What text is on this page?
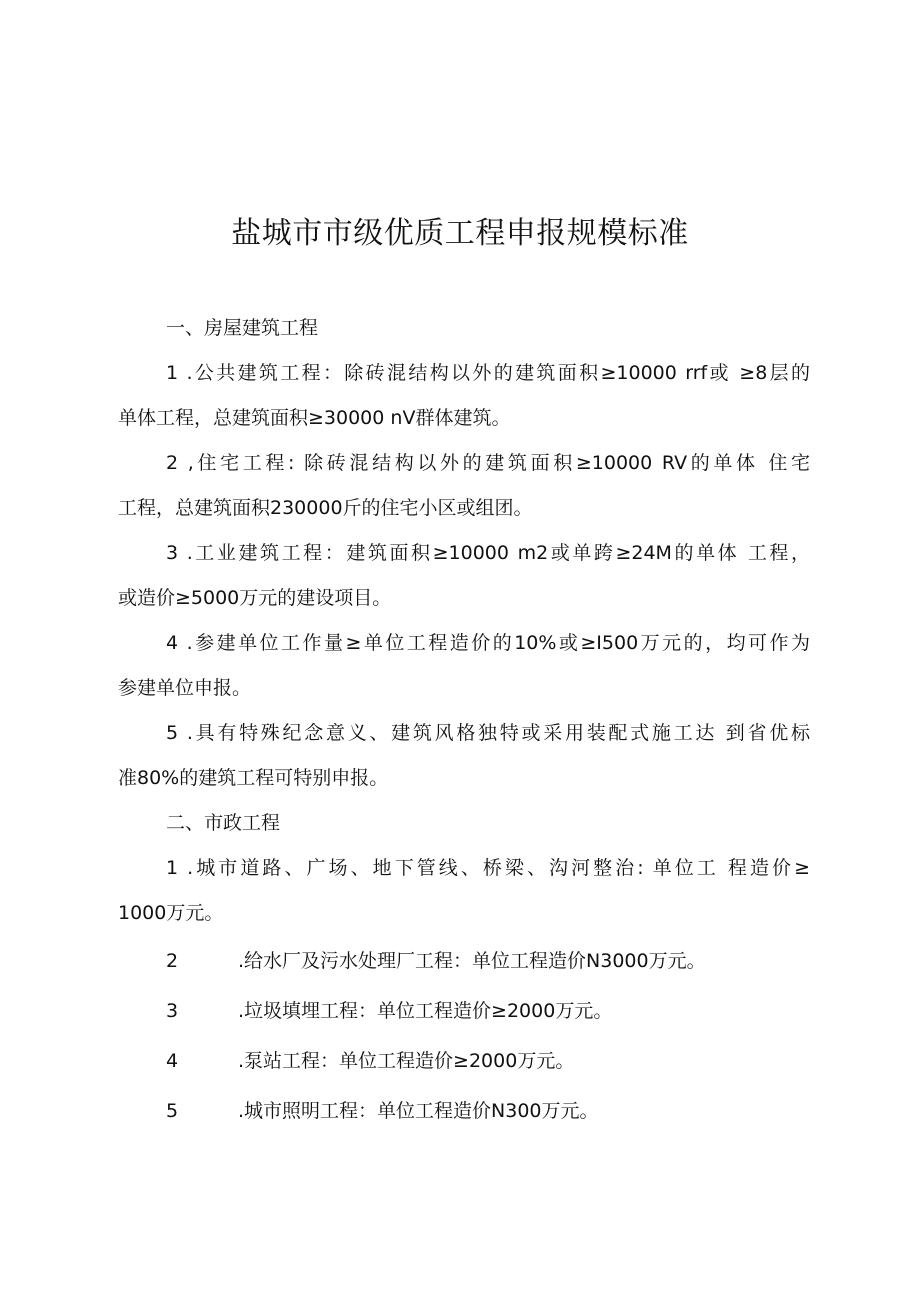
盐城市市级优质工程申报规模标准
一、房屋建筑工程
1 .公共建筑工程：除砖混结构以外的建筑面积≥10000 rrf或 ≥8层的
单体工程，总建筑面积≥30000 nV群体建筑。
2 ,住宅工程: 除砖混结构以外的建筑面积≥10000 RV的单体 住宅
工程，总建筑面积230000斤的住宅小区或组团。
3 .工业建筑工程：建筑面积≥10000 m2或单跨≥24M的单体 工程，
或造价≥5000万元的建设项目。
4 .参建单位工作量≥单位工程造价的10%或≥I500万元的，均可作为
参建单位申报。
5 .具有特殊纪念意义、建筑风格独特或采用装配式施工达 到省优标
准80%的建筑工程可特别申报。
二、市政工程
1 .城市道路、广场、地下管线、桥梁、沟河整治: 单位工 程造价≥
1000万元。
2	.给水厂及污水处理厂工程：单位工程造价N3000万元。
3	.垃圾填埋工程：单位工程造价≥2000万元。
4	.泵站工程：单位工程造价≥2000万元。
5	.城市照明工程：单位工程造价N300万元。
